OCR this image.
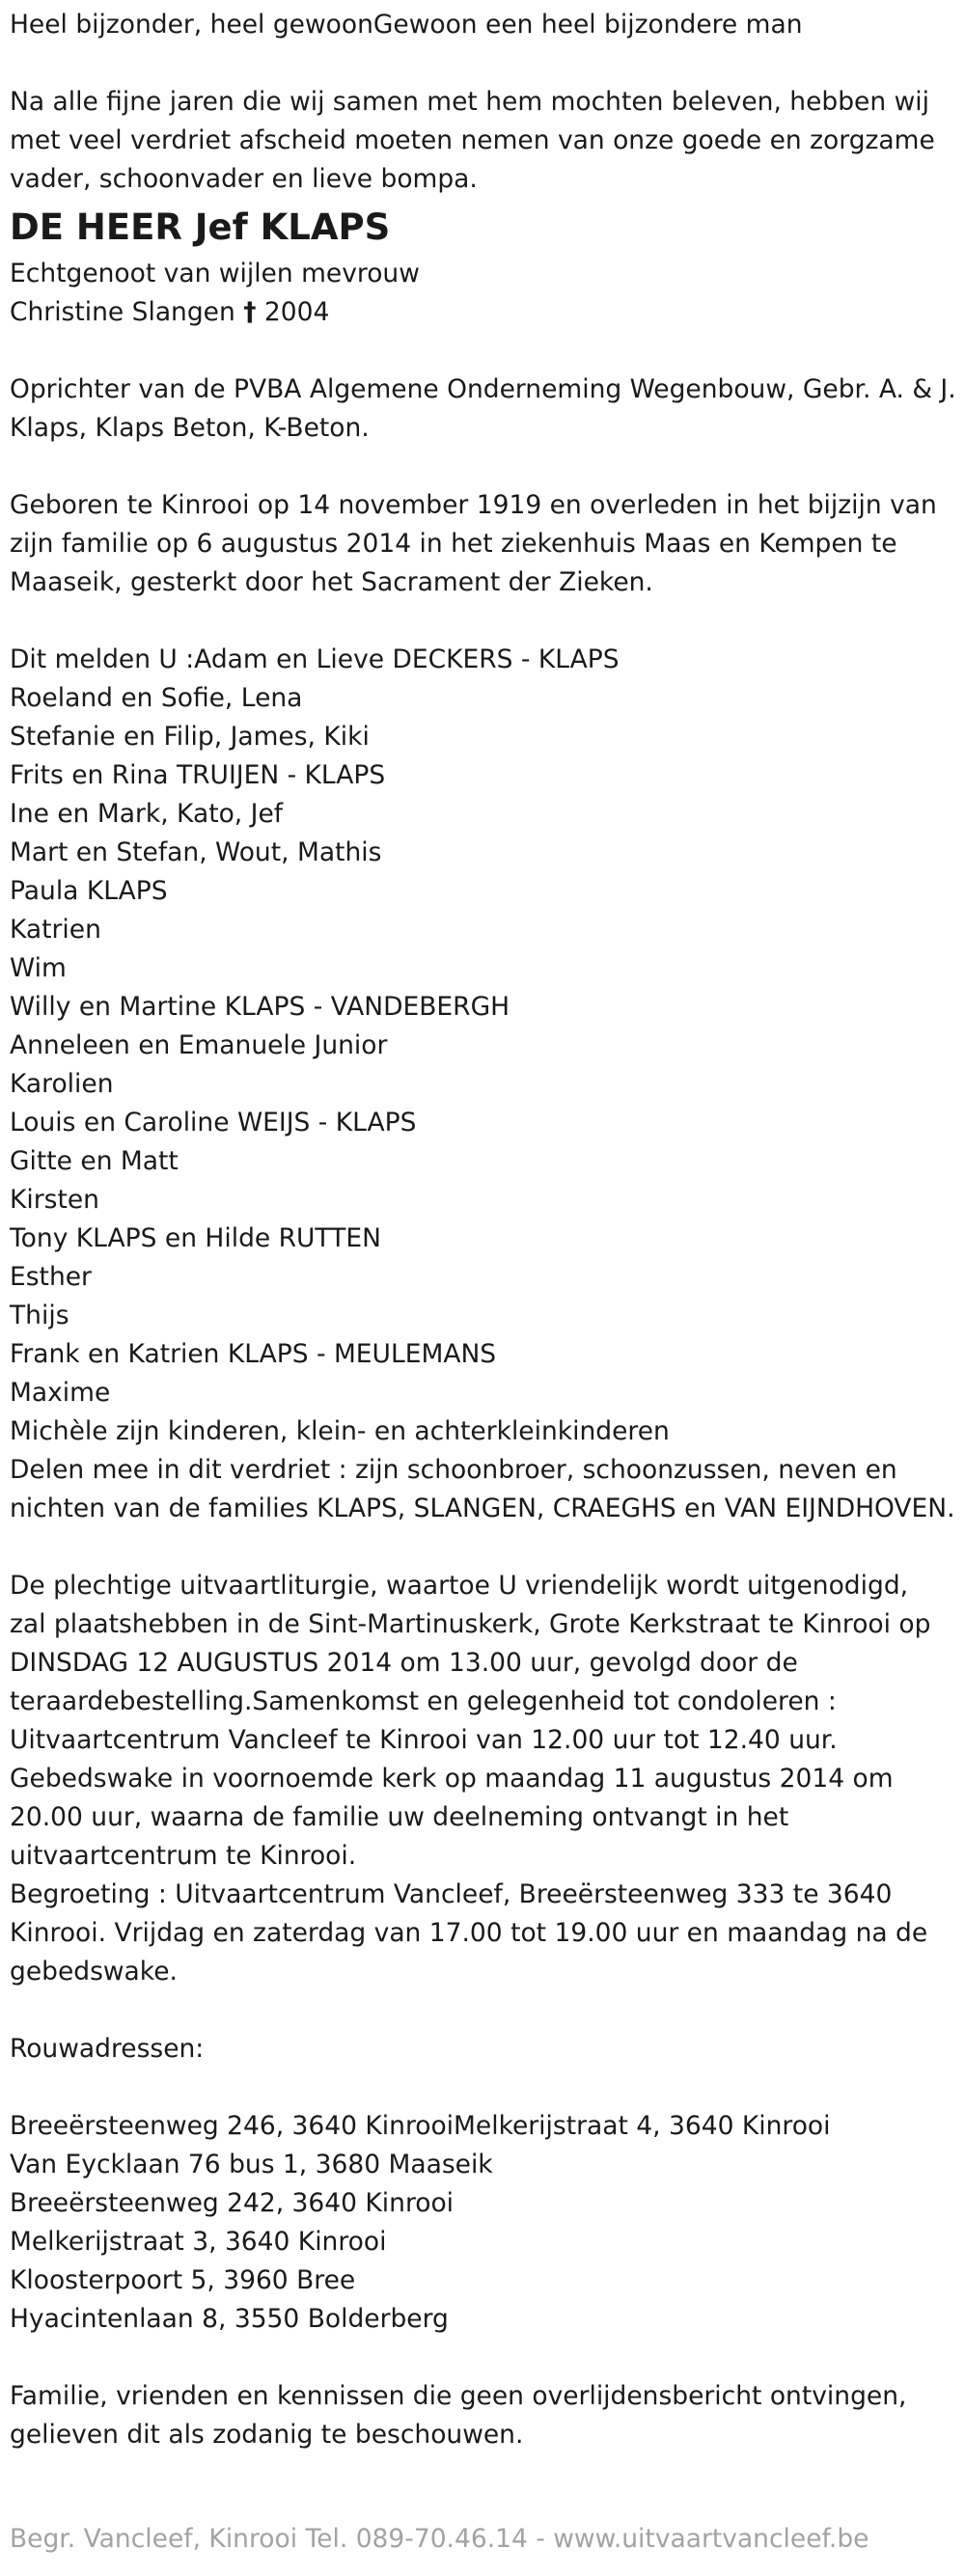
Heel bijzonder, heel gewoonGewoon een heel bijzondere man
Na alle fijne jaren die wij samen met hem mochten beleven, hebben wij
met veel verdriet afscheid moeten nemen van onze goede en zorgzame
vader, schoonvader en lieve bompa.
DE HEER Jef KLAPS
Echtgenoot van wijlen mevrouw
Christine Slangen † 2004
Oprichter van de PVBA Algemene Onderneming Wegenbouw, Gebr. A. & J.
Klaps, Klaps Beton, K-Beton.
Geboren te Kinrooi op 14 november 1919 en overleden in het bijzijn van
zijn familie op 6 augustus 2014 in het ziekenhuis Maas en Kempen te
Maaseik, gesterkt door het Sacrament der Zieken.
Dit melden U :Adam en Lieve DECKERS - KLAPS
Roeland en Sofie, Lena
Stefanie en Filip, James, Kiki
Frits en Rina TRUIJEN - KLAPS
Ine en Mark, Kato, Jef
Mart en Stefan, Wout, Mathis
Paula KLAPS
Katrien
Wim
Willy en Martine KLAPS - VANDEBERGH
Anneleen en Emanuele Junior
Karolien
Louis en Caroline WEIJS - KLAPS
Gitte en Matt
Kirsten
Tony KLAPS en Hilde RUTTEN
Esther
Thijs
Frank en Katrien KLAPS - MEULEMANS
Maxime
Michèle zijn kinderen, klein- en achterkleinkinderen
Delen mee in dit verdriet : zijn schoonbroer, schoonzussen, neven en
nichten van de families KLAPS, SLANGEN, CRAEGHS en VAN EIJNDHOVEN.
De plechtige uitvaartliturgie, waartoe U vriendelijk wordt uitgenodigd,
zal plaatshebben in de Sint-Martinuskerk, Grote Kerkstraat te Kinrooi op
DINSDAG 12 AUGUSTUS 2014 om 13.00 uur, gevolgd door de
teraardebestelling.Samenkomst en gelegenheid tot condoleren :
Uitvaartcentrum Vancleef te Kinrooi van 12.00 uur tot 12.40 uur.
Gebedswake in voornoemde kerk op maandag 11 augustus 2014 om
20.00 uur, waarna de familie uw deelneming ontvangt in het
uitvaartcentrum te Kinrooi.
Begroeting : Uitvaartcentrum Vancleef, Breeërsteenweg 333 te 3640
Kinrooi. Vrijdag en zaterdag van 17.00 tot 19.00 uur en maandag na de
gebedswake.
Rouwadressen:
Breeërsteenweg 246, 3640 KinrooiMelkerijstraat 4, 3640 Kinrooi
Van Eycklaan 76 bus 1, 3680 Maaseik
Breeërsteenweg 242, 3640 Kinrooi
Melkerijstraat 3, 3640 Kinrooi
Kloosterpoort 5, 3960 Bree
Hyacintenlaan 8, 3550 Bolderberg
Familie, vrienden en kennissen die geen overlijdensbericht ontvingen,
gelieven dit als zodanig te beschouwen.
Begr. Vancleef, Kinrooi Tel. 089-70.46.14 - www.uitvaartvancleef.be
